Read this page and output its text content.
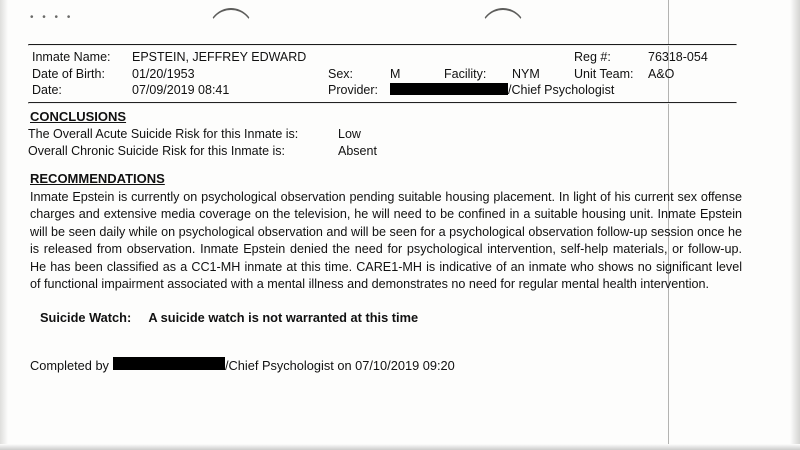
• • • •
Inmate Name:	EPSTEIN, JEFFREY EDWARD	Reg #:	76318-054
Date of Birth:	01/20/1953	Sex:	M	Facility:	NYM	Unit Team:	A&O
Date:	07/09/2019 08:41	Provider:	/Chief Psychologist
CONCLUSIONS
The Overall Acute Suicide Risk for this Inmate is:	Low
Overall Chronic Suicide Risk for this Inmate is:	Absent
RECOMMENDATIONS

Inmate Epstein is currently on psychological observation pending suitable housing placement. In light of his current sex offense charges and extensive media coverage on the television, he will need to be confined in a suitable housing unit. Inmate Epstein will be seen daily while on psychological observation and will be seen for a psychological observation follow-up session once he is released from observation. Inmate Epstein denied the need for psychological intervention, self-help materials, or follow-up. He has been classified as a CC1-MH inmate at this time. CARE1-MH is indicative of an inmate who shows no significant level of functional impairment associated with a mental illness and demonstrates no need for regular mental health intervention.

Suicide Watch: A suicide watch is not warranted at this time
Completed by	/Chief Psychologist on 07/10/2019 09:20
